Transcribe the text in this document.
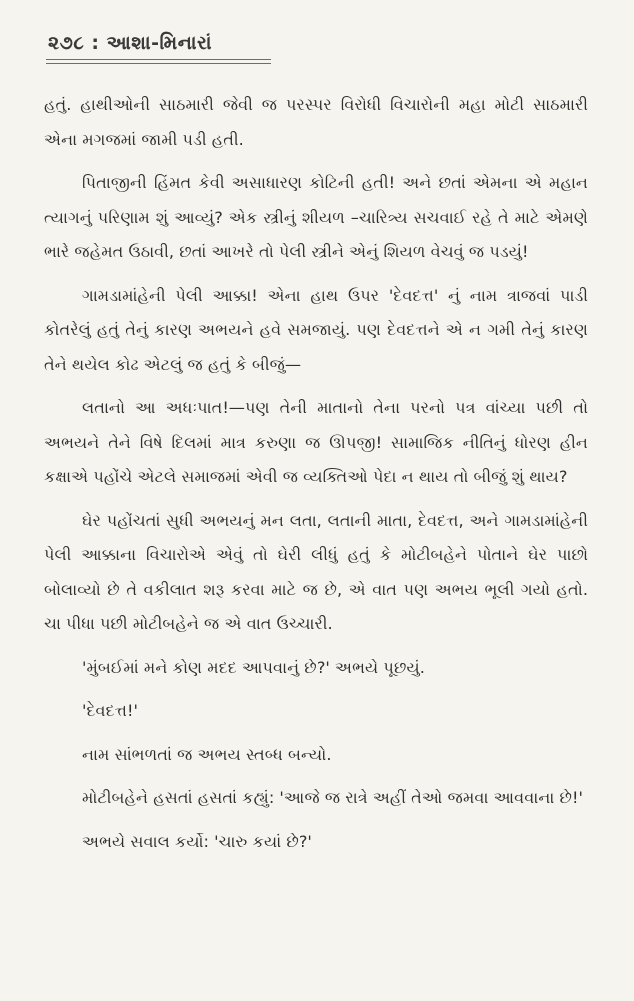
૨૭૮ : આશા-મિનારાં

હતું. હાથીઓની સાઠમારી જેવી જ પરસ્પર વિરોધી વિચારોની મહા મોટી સાઠમારી એના મગજમાં જામી પડી હતી.

પિતાજીની હિંમત કેવી અસાધારણ કોટિની હતી! અને છતાં એમના એ મહાન ત્યાગનું પરિણામ શું આવ્યું? એક સ્ત્રીનું શીયળ –ચારિત્ર્ય સચવાઈ રહે તે માટે એમણે ભારે જહેમત ઉઠાવી, છતાં આખરે તો પેલી સ્ત્રીને એનું શિયળ વેચવું જ પડયું!

ગામડામાંહેની પેલી આક્કા! એના હાથ ઉપર 'દેવદત્ત' નું નામ ત્રાજવાં પાડી કોતરેલું હતું તેનું કારણ અભયને હવે સમજાયું. પણ દેવદત્તને એ ન ગમી તેનું કારણ તેને થયેલ કોઢ એટલું જ હતું કે બીજું—

લતાનો આ અધઃપાત!—પણ તેની માતાનો તેના પરનો પત્ર વાંચ્યા પછી તો અભયને તેને વિષે દિલમાં માત્ર કરુણા જ ઊપજી! સામાજિક નીતિનું ધોરણ હીન કક્ષાએ પહોંચે એટલે સમાજમાં એવી જ વ્યક્તિઓ પેદા ન થાય તો બીજું શું થાય?

ઘેર પહોંચતાં સુધી અભયનું મન લતા, લતાની માતા, દેવદત્ત, અને ગામડામાંહેની પેલી આક્કાના વિચારોએ એવું તો ઘેરી લીધું હતું કે મોટીબહેને પોતાને ઘેર પાછો બોલાવ્યો છે તે વકીલાત શરૂ કરવા માટે જ છે, એ વાત પણ અભય ભૂલી ગયો હતો. ચા પીધા પછી મોટીબહેને જ એ વાત ઉચ્ચારી.

'મુંબઈમાં મને કોણ મદદ આપવાનું છે?' અભયે પૂછયું.

'દેવદત્ત!'

નામ સાંભળતાં જ અભય સ્તબ્ધ બન્યો.

મોટીબહેને હસતાં હસતાં કહ્યું: 'આજે જ રાત્રે અહીં તેઓ જમવા આવવાના છે!'

અભયે સવાલ કર્યો: 'ચારુ કયાં છે?'
